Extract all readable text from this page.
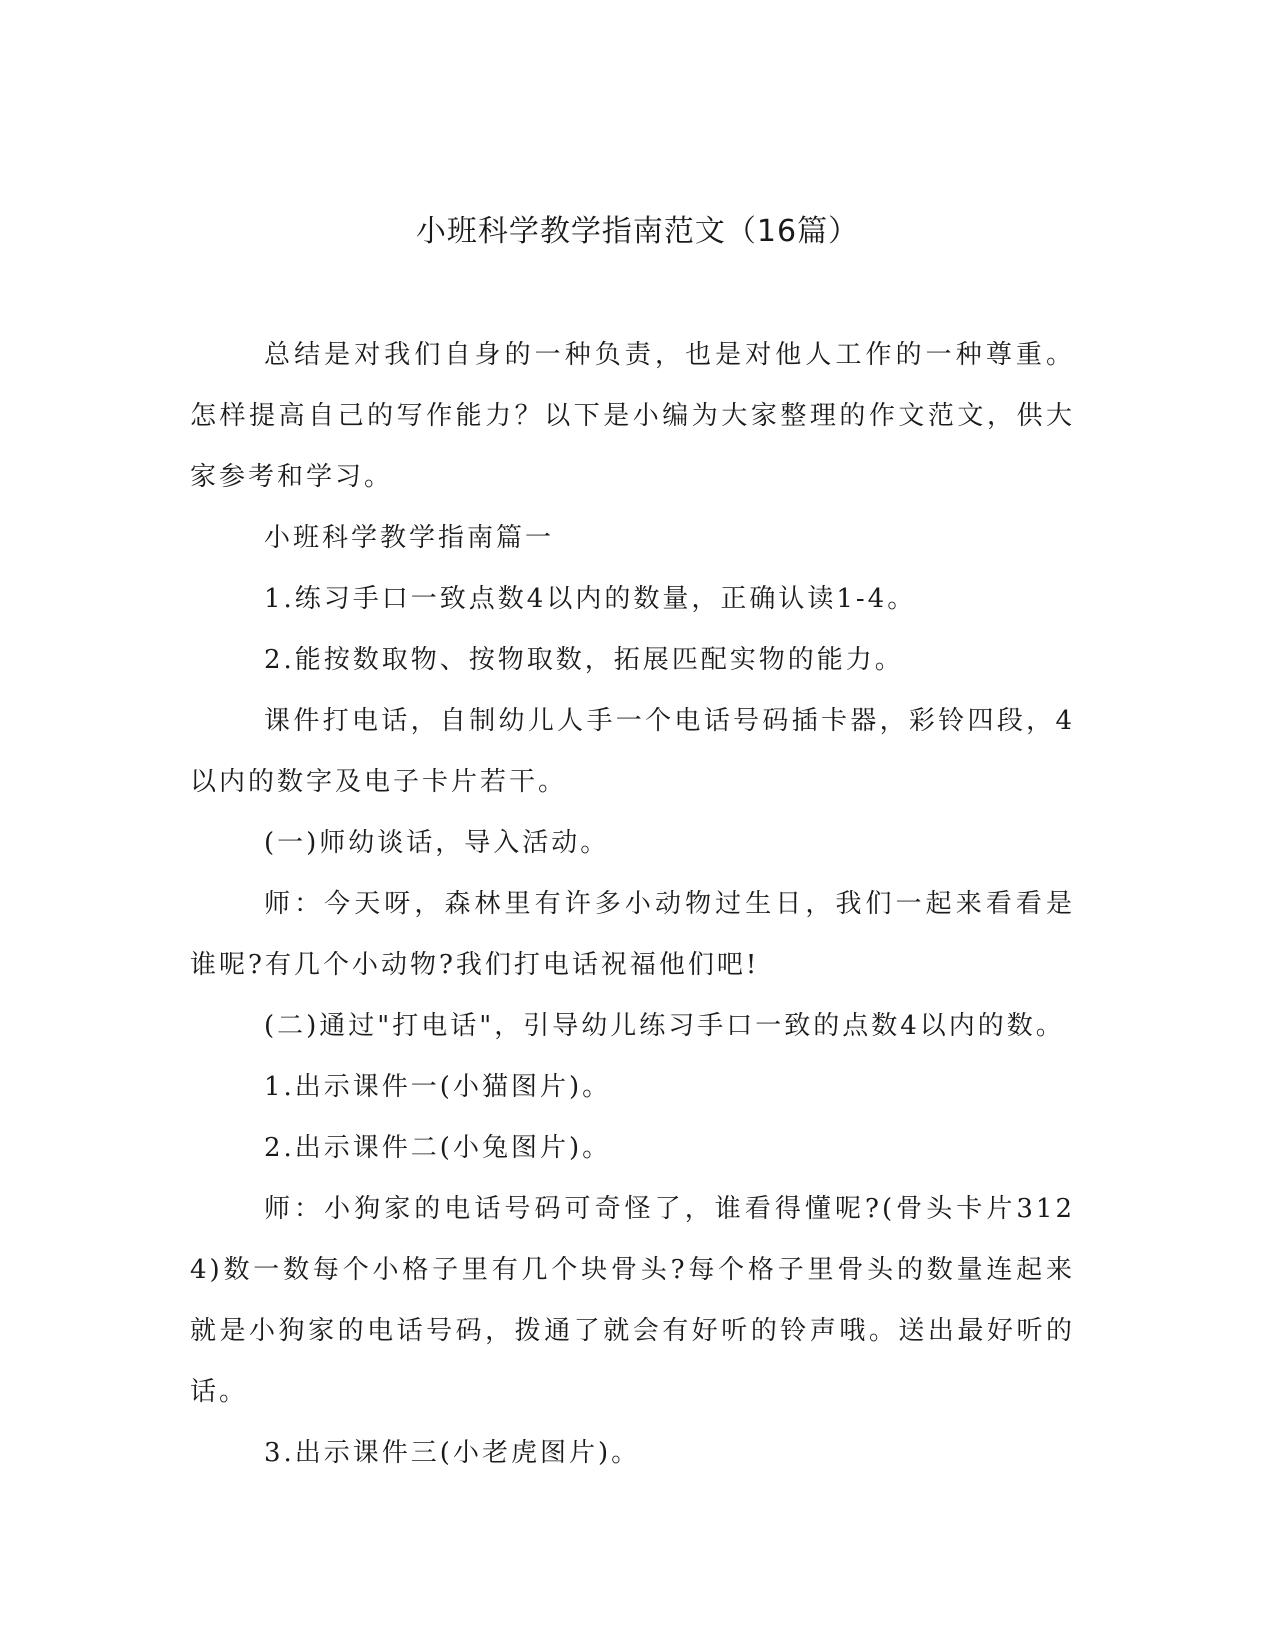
小班科学教学指南范文（16篇）

总结是对我们自身的一种负责，也是对他人工作的一种尊重。怎样提高自己的写作能力？以下是小编为大家整理的作文范文，供大家参考和学习。

小班科学教学指南篇一

1.练习手口一致点数4以内的数量，正确认读1-4。

2.能按数取物、按物取数，拓展匹配实物的能力。

课件打电话，自制幼儿人手一个电话号码插卡器，彩铃四段，4以内的数字及电子卡片若干。

(一)师幼谈话，导入活动。

师：今天呀，森林里有许多小动物过生日，我们一起来看看是谁呢?有几个小动物?我们打电话祝福他们吧!

(二)通过"打电话"，引导幼儿练习手口一致的点数4以内的数。

1.出示课件一(小猫图片)。

2.出示课件二(小兔图片)。

师：小狗家的电话号码可奇怪了，谁看得懂呢?(骨头卡片3124)数一数每个小格子里有几个块骨头?每个格子里骨头的数量连起来就是小狗家的电话号码，拨通了就会有好听的铃声哦。送出最好听的话。

3.出示课件三(小老虎图片)。
